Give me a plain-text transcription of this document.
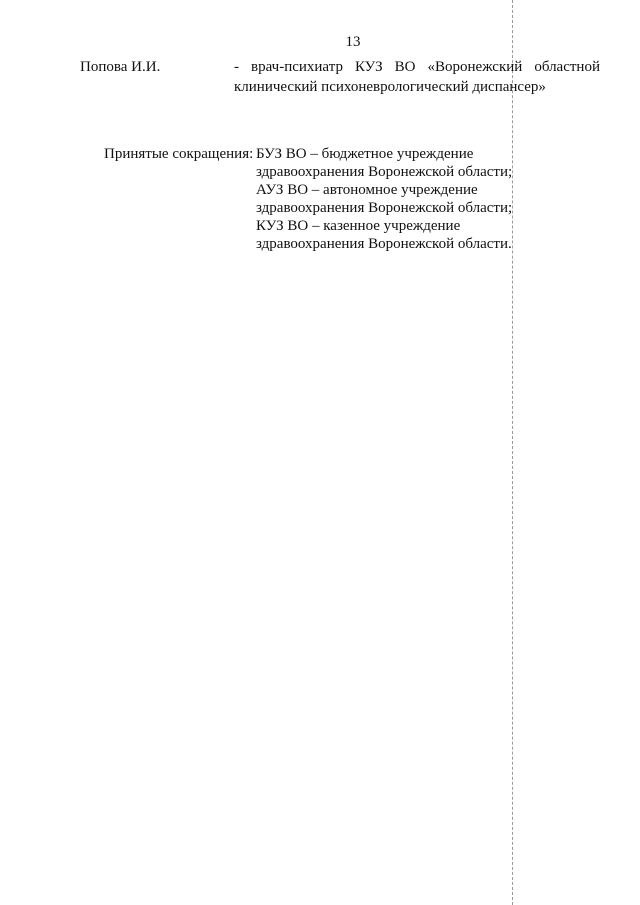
13
Попова И.И.	- врач-психиатр КУЗ ВО «Воронежский областной
клинический психоневрологический диспансер»
Принятые сокращения: БУЗ ВО – бюджетное учреждение
здравоохранения Воронежской области;
АУЗ ВО – автономное учреждение
здравоохранения Воронежской области;
КУЗ ВО – казенное учреждение
здравоохранения Воронежской области.
